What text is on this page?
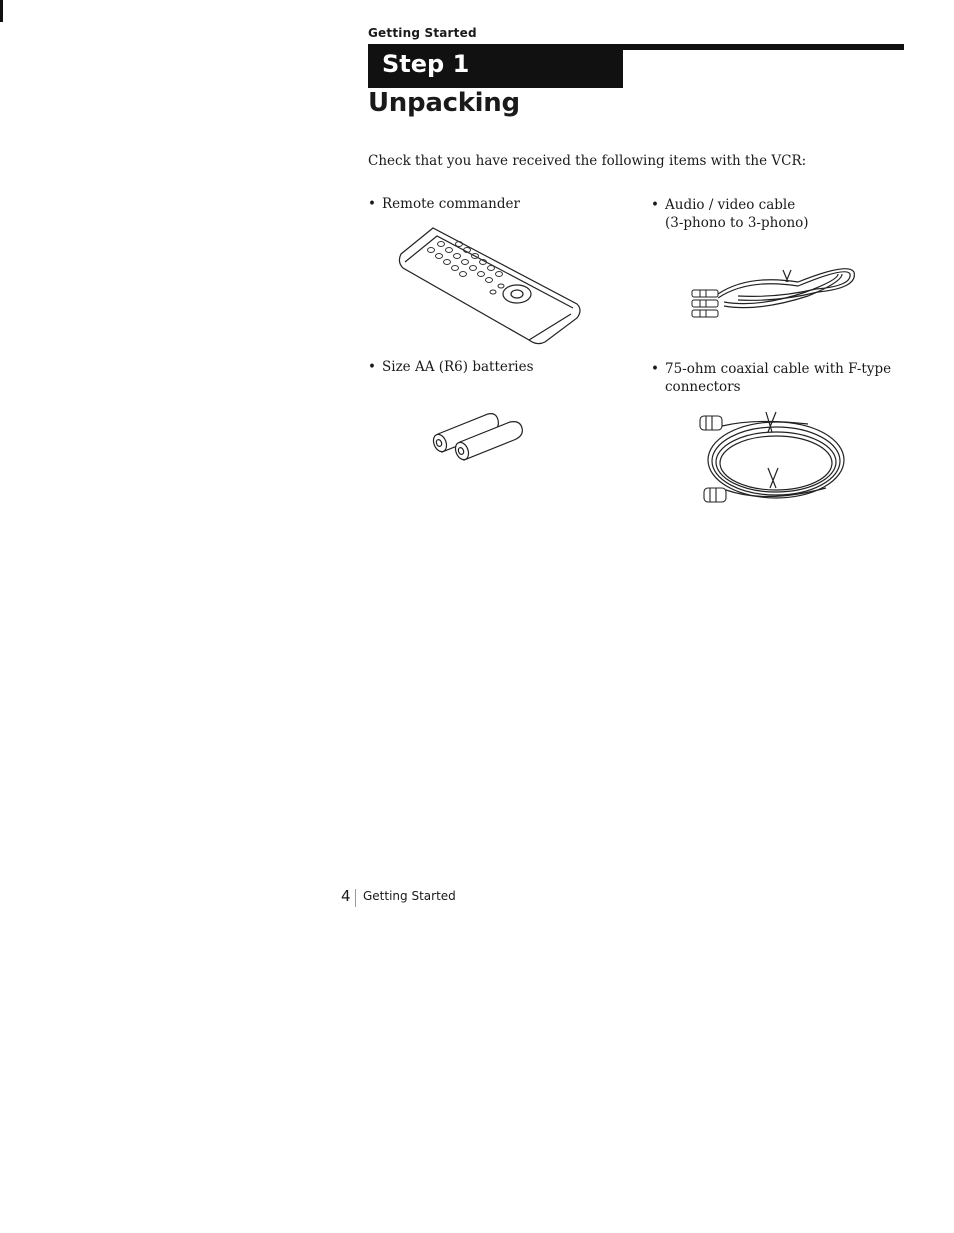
Getting Started
Step 1
Unpacking
Check that you have received the following items with the VCR:
• Remote commander	• Audio / video cable
(3-phono to 3-phono)
• Size AA (R6) batteries	• 75-ohm coaxial cable with F-type
connectors
4 Getting Started
